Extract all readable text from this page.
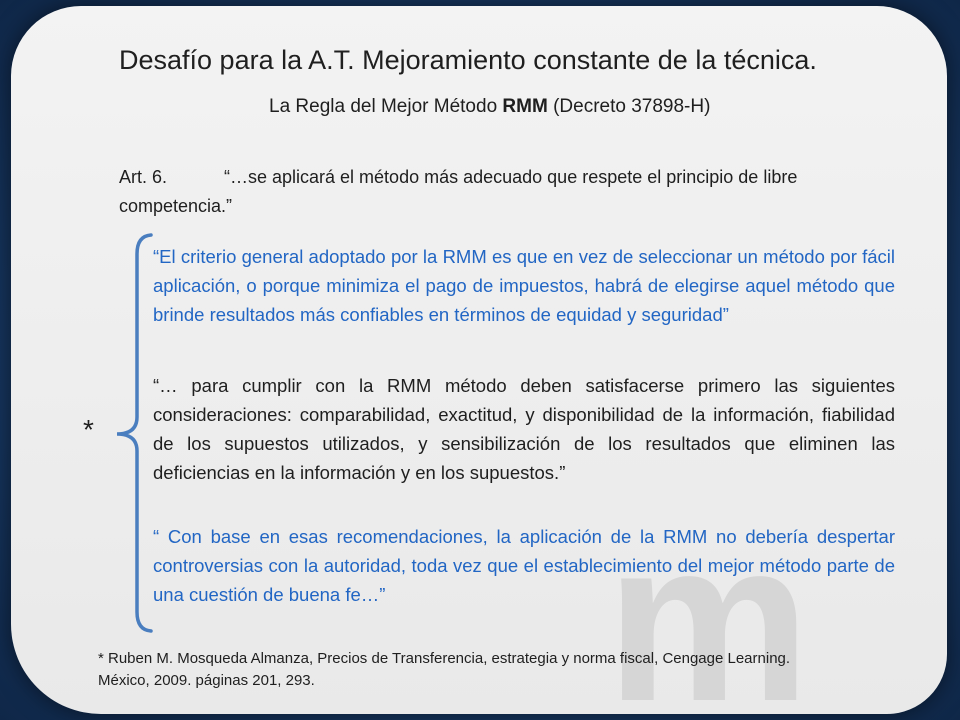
m
Desafío para la A.T. Mejoramiento constante de la técnica.
La Regla del Mejor Método RMM (Decreto 37898-H)
Art. 6.	“…se aplicará el método más adecuado que respete el principio de libre competencia.”
*
“El criterio general adoptado por la RMM es que en vez de seleccionar un método por fácil aplicación, o porque minimiza el pago de impuestos, habrá de elegirse aquel método que brinde resultados más confiables en términos de equidad y seguridad”
“… para cumplir con la RMM método deben satisfacerse primero las siguientes consideraciones: comparabilidad, exactitud, y disponibilidad de la información, fiabilidad de los supuestos utilizados, y sensibilización de los resultados que eliminen las deficiencias en la información y en los supuestos.”
“ Con base en esas recomendaciones, la aplicación de la RMM no debería despertar controversias con la autoridad, toda vez que el establecimiento del mejor método parte de una cuestión de buena fe…”
* Ruben M. Mosqueda Almanza, Precios de Transferencia, estrategia y norma fiscal, Cengage Learning. México, 2009. páginas 201, 293.
